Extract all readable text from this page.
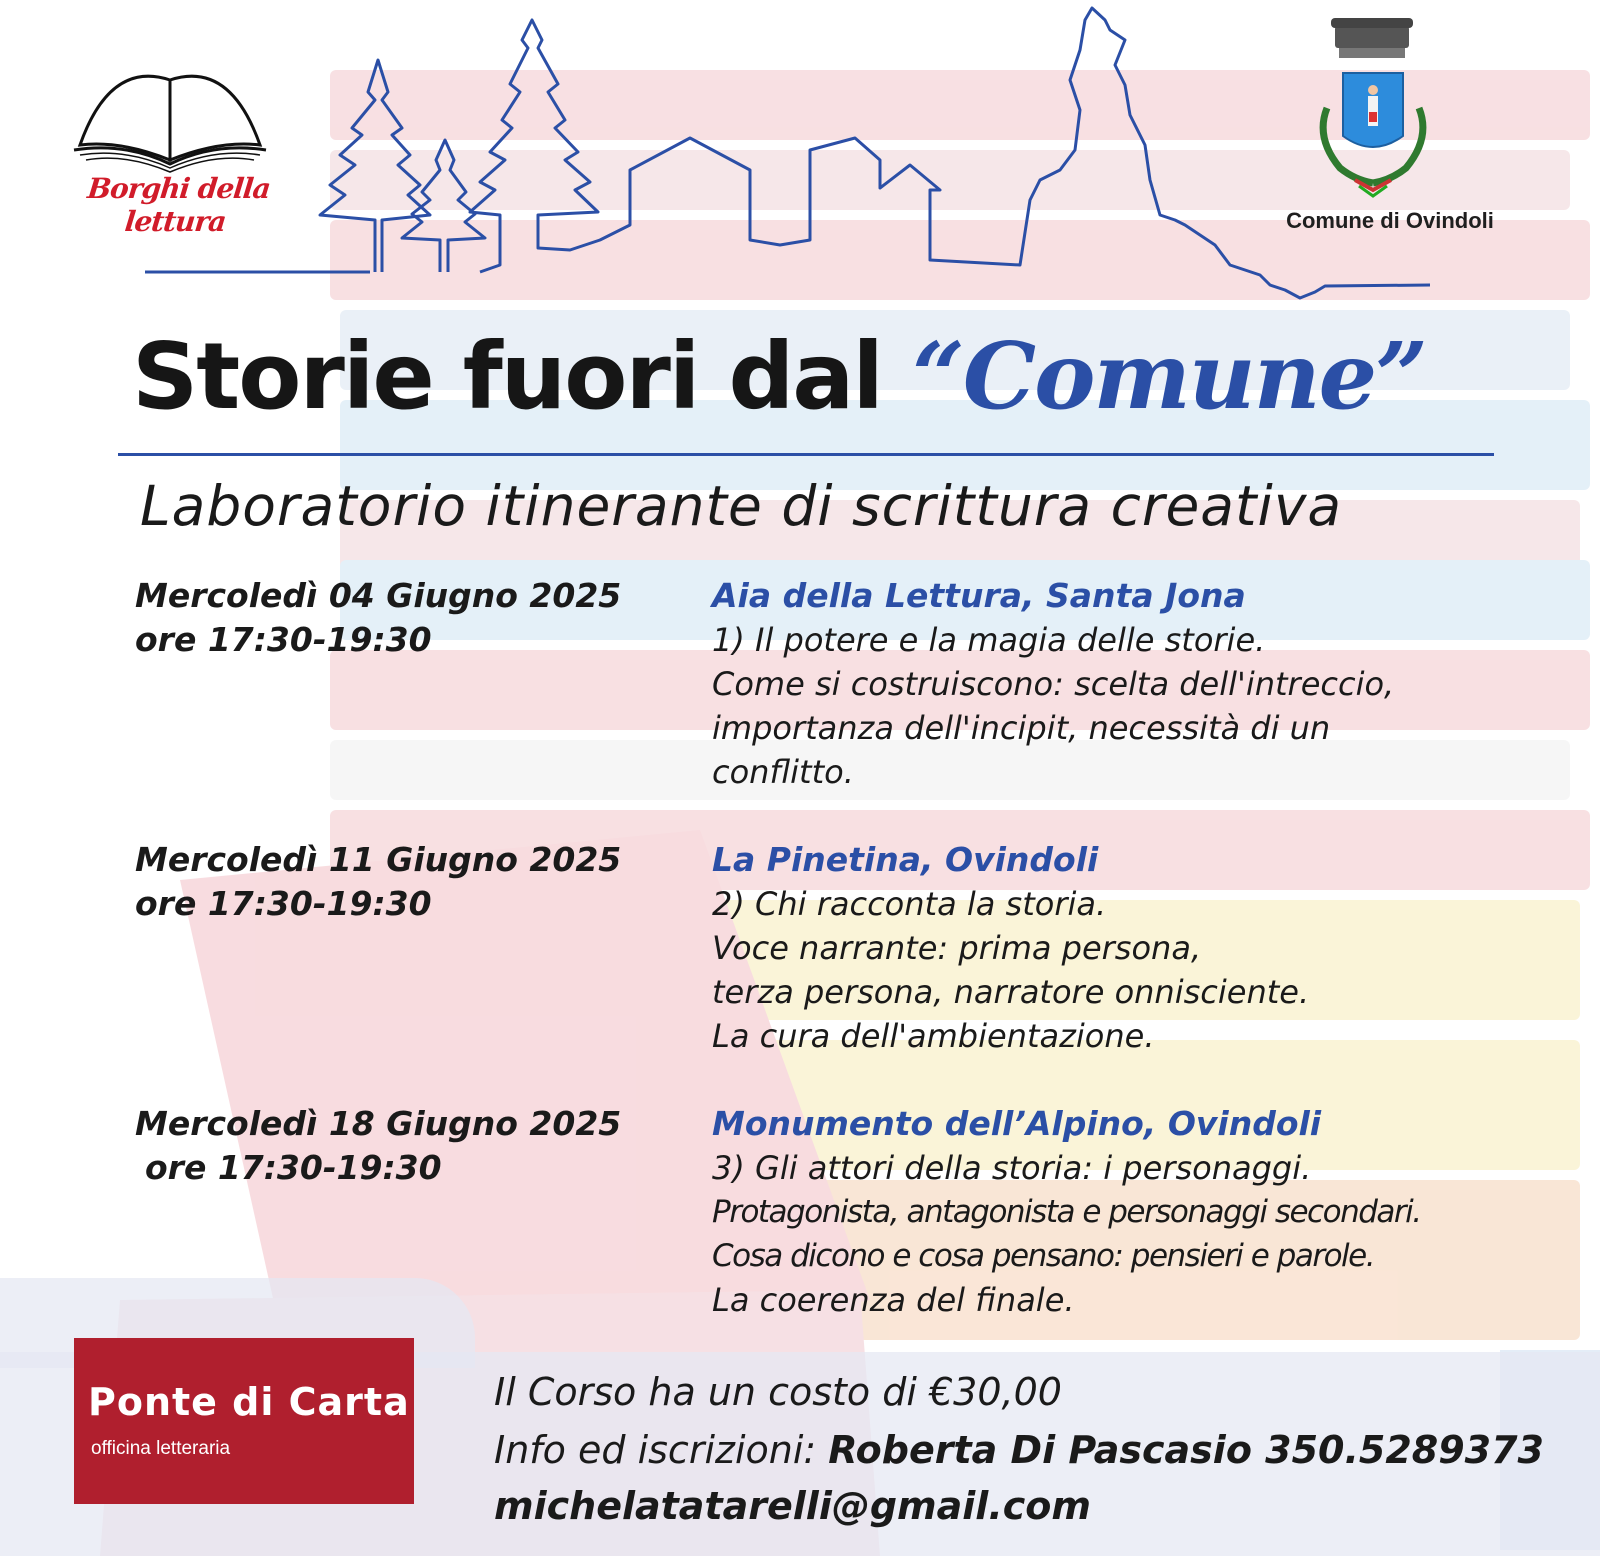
Borghi della lettura	Comune di Ovindoli
Storie fuori dal “Comune”
Laboratorio itinerante di scrittura creativa
Mercoledì 04 Giugno 2025
ore 17:30-19:30
Aia della Lettura, Santa Jona
1) Il potere e la magia delle storie.
Come si costruiscono: scelta dell'intreccio,
importanza dell'incipit, necessità di un
conflitto.
Mercoledì 11 Giugno 2025
ore 17:30-19:30
La Pinetina, Ovindoli
2) Chi racconta la storia.
Voce narrante: prima persona,
terza persona, narratore onnisciente.
La cura dell'ambientazione.
Mercoledì 18 Giugno 2025
ore 17:30-19:30
Monumento dell’Alpino, Ovindoli
3) Gli attori della storia: i personaggi.
Protagonista, antagonista e personaggi secondari.
Cosa dicono e cosa pensano: pensieri e parole.
La coerenza del finale.
Ponte di Carta
officina letteraria
Il Corso ha un costo di €30,00
Info ed iscrizioni: Roberta Di Pascasio 350.5289373
michelatatarelli@gmail.com
